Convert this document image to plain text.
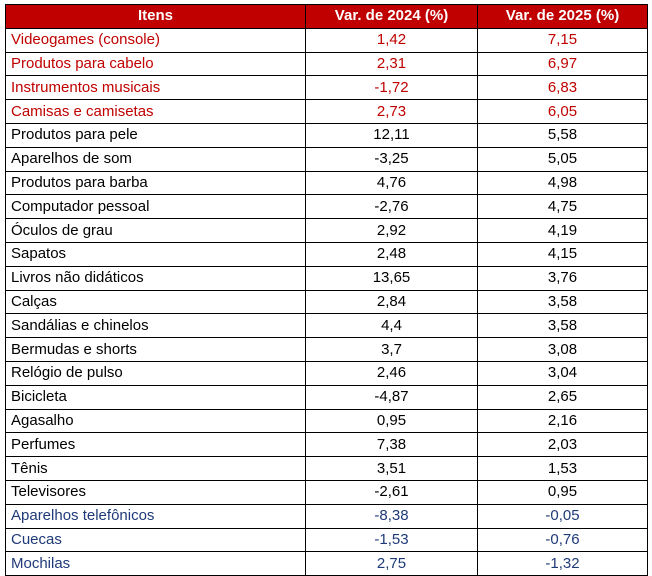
Itens	Var. de 2024 (%)	Var. de 2025 (%)
Videogames (console)	1,42	7,15
Produtos para cabelo	2,31	6,97
Instrumentos musicais	-1,72	6,83
Camisas e camisetas	2,73	6,05
Produtos para pele	12,11	5,58
Aparelhos de som	-3,25	5,05
Produtos para barba	4,76	4,98
Computador pessoal	-2,76	4,75
Óculos de grau	2,92	4,19
Sapatos	2,48	4,15
Livros não didáticos	13,65	3,76
Calças	2,84	3,58
Sandálias e chinelos	4,4	3,58
Bermudas e shorts	3,7	3,08
Relógio de pulso	2,46	3,04
Bicicleta	-4,87	2,65
Agasalho	0,95	2,16
Perfumes	7,38	2,03
Tênis	3,51	1,53
Televisores	-2,61	0,95
Aparelhos telefônicos	-8,38	-0,05
Cuecas	-1,53	-0,76
Mochilas	2,75	-1,32
